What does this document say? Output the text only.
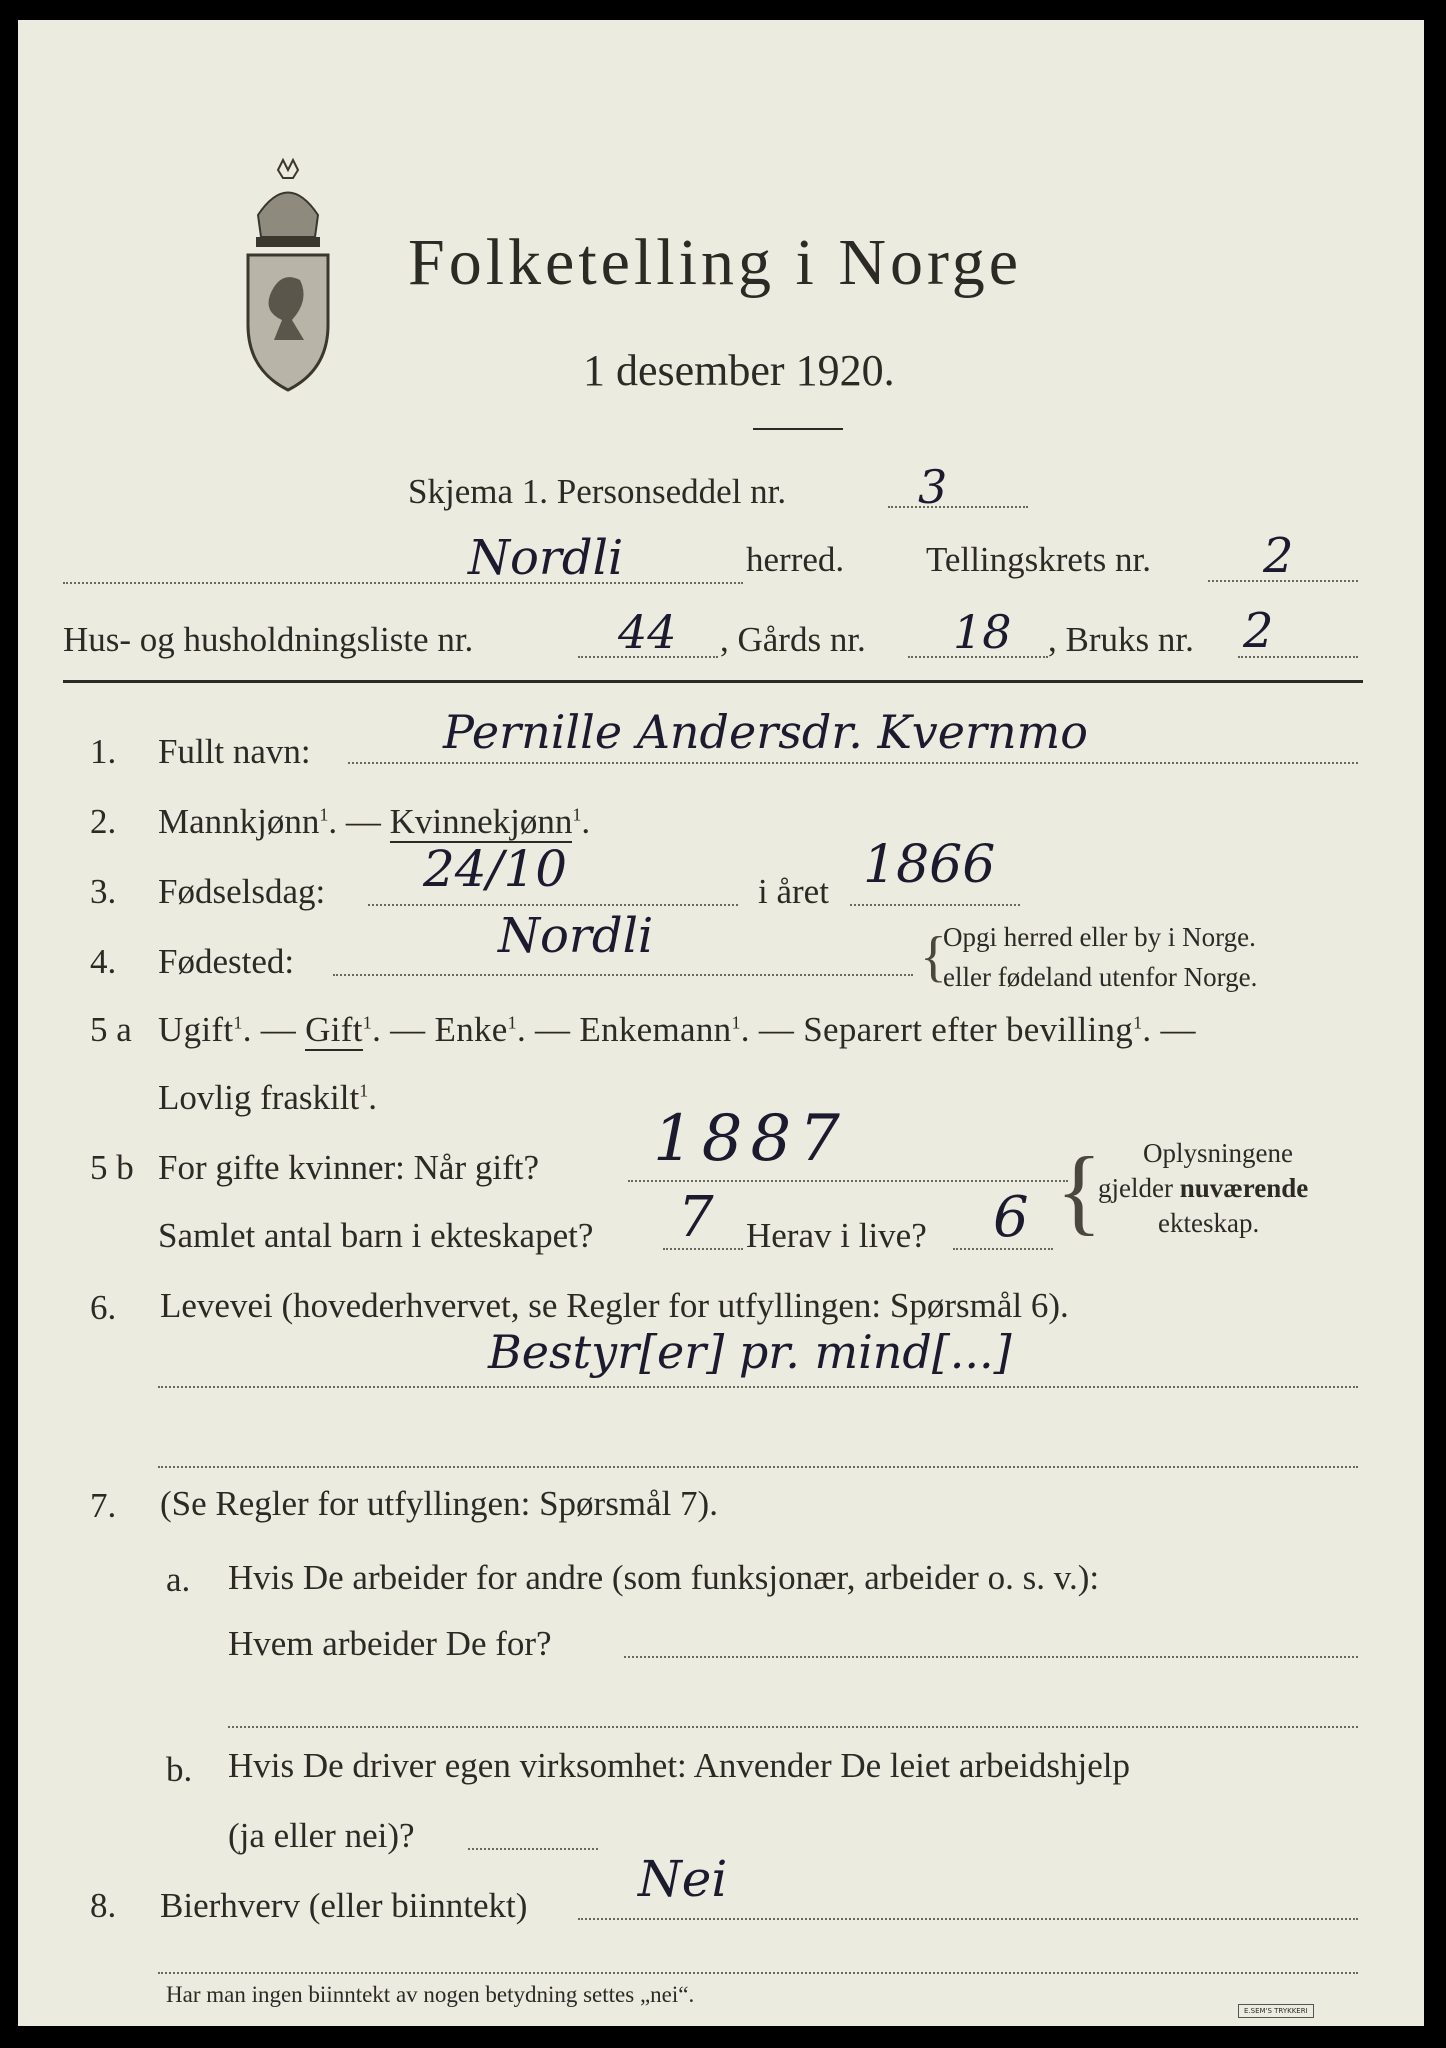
Folketelling i Norge
1 desember 1920.
Skjema 1. Personseddel nr.	3
Nordli	herred. Tellingskrets nr. 2
Hus- og husholdningsliste nr.	44 , Gårds nr. 18 , Bruks nr. 2
1. Fullt navn:	Pernille Andersdr. Kvernmo
2. Mannkjønn$^1$. — Kvinnekjønn$^1$.
3. Fødselsdag: 24/10	i året 1866
4. Fødested:	Nordli	{
Opgi herred eller by i Norge.
eller fødeland utenfor Norge.
5 a Ugift$^1$. — Gift$^1$. — Enke$^1$. — Enkemann$^1$. — Separert efter bevilling$^1$. —
Lovlig fraskilt$^1$.
5 b For gifte kvinner: Når gift? 1887
Samlet antal barn i ekteskapet? 7 Herav i live? 6 { Oplysningene
gjelder nuværende
ekteskap.
6. Levevei (hovederhvervet, se Regler for utfyllingen: Spørsmål 6).
Bestyr[er] pr. mind[...]
7. (Se Regler for utfyllingen: Spørsmål 7).
a. Hvis De arbeider for andre (som funksjonær, arbeider o. s. v.):
Hvem arbeider De for?
b. Hvis De driver egen virksomhet: Anvender De leiet arbeidshjelp
(ja eller nei)?
8. Bierhverv (eller biinntekt) Nei
Har man ingen biinntekt av nogen betydning settes „nei“.
E.SEM'S TRYKKERI
